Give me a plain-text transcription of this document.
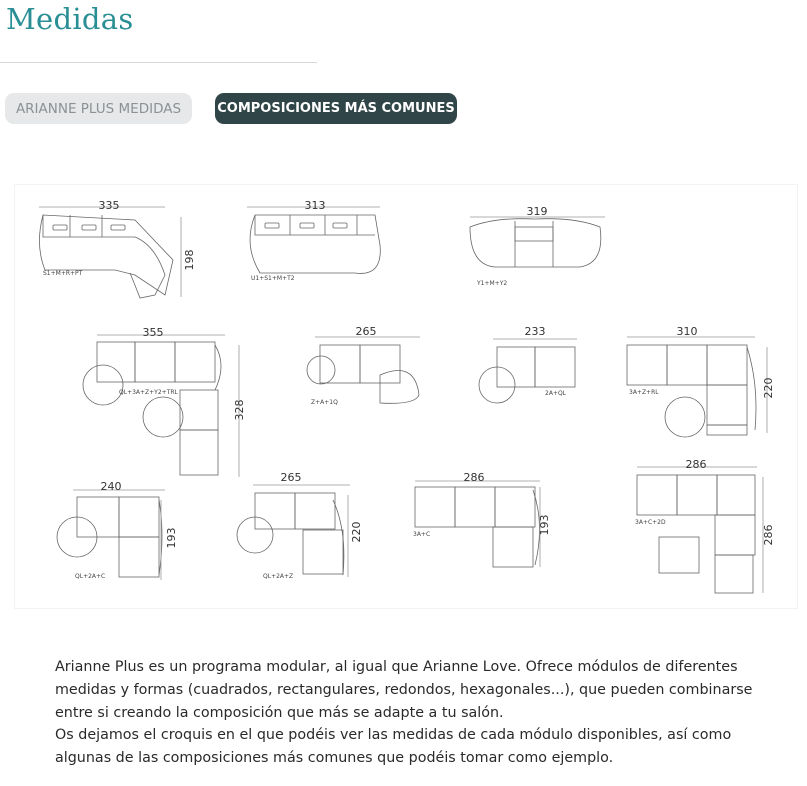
Medidas
ARIANNE PLUS MEDIDAS	COMPOSICIONES MÁS COMUNES
335
198
S1+M+R+PT
313
U1+S1+M+T2
319
Y1+M+Y2
355
328
QL+3A+Z+Y2+TRL
265
Z+A+1Q
233
2A+QL
310
220
3A+Z+RL
240
193
QL+2A+C
265
220
QL+2A+Z
286
193
3A+C
286
286
3A+C+2D

Arianne Plus es un programa modular, al igual que Arianne Love. Ofrece módulos de diferentes medidas y formas (cuadrados, rectangulares, redondos, hexagonales...), que pueden combinarse entre si creando la composición que más se adapte a tu salón.

Os dejamos el croquis en el que podéis ver las medidas de cada módulo disponibles, así como algunas de las composiciones más comunes que podéis tomar como ejemplo.
